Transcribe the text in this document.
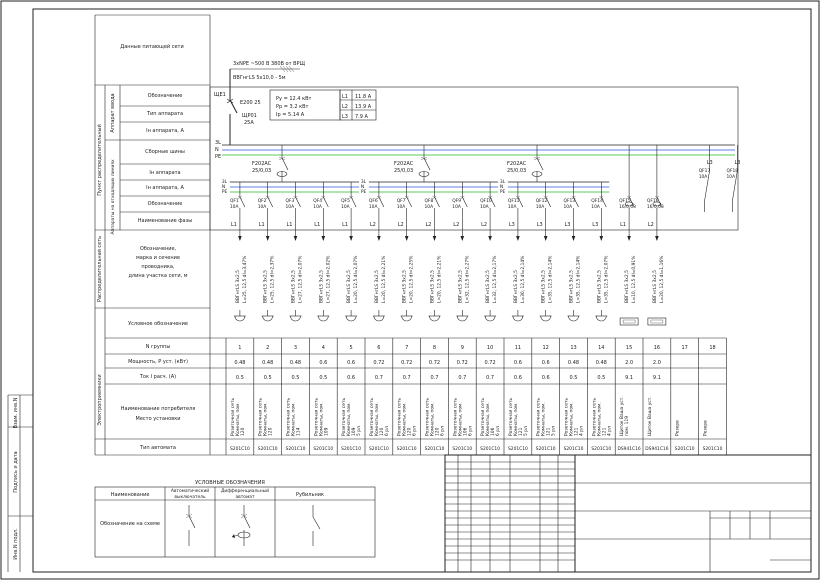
Взам. инв.N
Подпись и дата
Инв.N подл.
Данные питающей сети
Обозначение
Тип аппарата
Iн аппарата, А
Сборные шины
Iн аппарата
Iн аппарата, А
Обозначение
Наименование фазы
Обозначение,
марка и сечение
проводника,
длина участка сети, м
Условное обозначение
N группы
Мощность, Р уст. (кВт)
Ток I расч. (А)
Наименование потребителя
Место установки
Тип автомата
Пункт распределительный
Аппарат ввода
Аппараты на отходящих линиях
Распределительная сеть
Электроприемники
3xNPE ~500 В 380В от ВРЩ
ВВГнгLS 5х10,0 - 5м
ЩЕ1
Е200 25
ЩР01
25А
Ру = 12.4 кВт
Рр = 3.2 кВт
Iр = 5.14 А
L1 11.8 А
L2 13.9 А
L3 7.9 А
3L
N
PE
F202AC
25/0,03
3L
N
PE
F202AC
25/0,03
3L
N
PE
F202AC
25/0,03
3L
N
PE
QF1
10А
L1
ВВГнгLS 3х2,5 L=25, 12,5 dI=3,47%
1
0.48
0.5
Розеточная сеть Комнаты, пом. 120
S201С10
QF2
10А
L1
ВВГнгLS 3х2,5 L=25, 12,5 dI=2,37%
2
0.48
0.5
Розеточная сеть Комнаты, пом. 120
S201С10
QF3
10А
L1
ВВГнгLS 3х2,5 L=27, 12,5 dI=2,07%
3
0.48
0.5
Розеточная сеть Комнаты, пом. 114
S201С10
QF4
10А
L1
ВВГнгLS 3х2,5 L=27, 12,5 dI=2,02%
4
0.6
0.5
Розеточная сеть Комнаты, пом. 109
S201С10
QF5
10А
L1
ВВГнгLS 3х2,5 L=20, 12,5 dI=2,07%
5
0.6
0.6
Розеточная сеть Комнаты, пом. 109 5 рл
S201С10
QF6
10А
L2
ВВГнгLS 3х2,5 L=20, 12,5 dI=2,21%
6
0.72
0.7
Розеточная сеть Комнаты, пом. 120 6 рл
S201С10
QF7
10А
L2
ВВГнгLS 3х2,5 L=20, 12,5 dI=2,25%
7
0.72
0.7
Розеточная сеть Комнаты, пом. 120 6 рл
S201С10
QF8
10А
L2
ВВГнгLS 3х2,5 L=20, 12,5 dI=2,21%
8
0.72
0.7
Розеточная сеть Комнаты, пом. 120 6 рл
S201С10
QF9
10А
L2
ВВГнгLS 3х2,5 L=32, 12,5 dI=2,27%
9
0.72
0.7
Розеточная сеть Комнаты, пом. 106 6 рл
S201С10
QF10
10А
L2
ВВГнгLS 3х2,5 L=32, 12,5 dI=2,17%
10
0.72
0.7
Розеточная сеть Комнаты, пом. 106 6 рл
S201С10
QF11
10А
L3
ВВГнгLS 3х2,5 L=30, 12,5 dI=2,14%
11
0.6
0.6
Розеточная сеть Комнаты, пом. 121 5 рл
S201С10
QF12
10А
L3
ВВГнгLS 3х2,5 L=35, 12,5 dI=2,14%
12
0.6
0.6
Розеточная сеть Комнаты, пом. 121 5 рл
S201С10
QF13
10А
L3
ВВГнгLS 3х2,5 L=35, 12,5 dI=2,14%
13
0.48
0.5
Розеточная сеть Комнаты, пом. 121 4 рл
S201С10
QF14
10А
L3
ВВГнгLS 3х2,5 L=35, 12,5 dI=2,07%
14
0.48
0.5
Розеточная сеть Комнаты, пом. 121 4 рл
S201С10
QF15
16/0,03
L1
ВВГнгLS 3х2,5 L=10, 12,5 dI=0,91%
15
2.0
9.1
Щиток Ваша уст. пом. 119
DS941С16
QF16
16/0,03
L2
ВВГнгLS 3х2,5 L=20, 12,5 dI=1,16%
16
2.0
9.1
Щиток Ваша уст.
DS941С16
QF17
10А
L3
17
Резерв
S201С10
QF18
10А
L3
18
Резерв
S201С10
УСЛОВНЫЕ ОБОЗНАЧЕНИЯ
Наименование
Автоматический
выключатель
Дифференциальный
автомат	Рубильник
Обозначение на схеме
